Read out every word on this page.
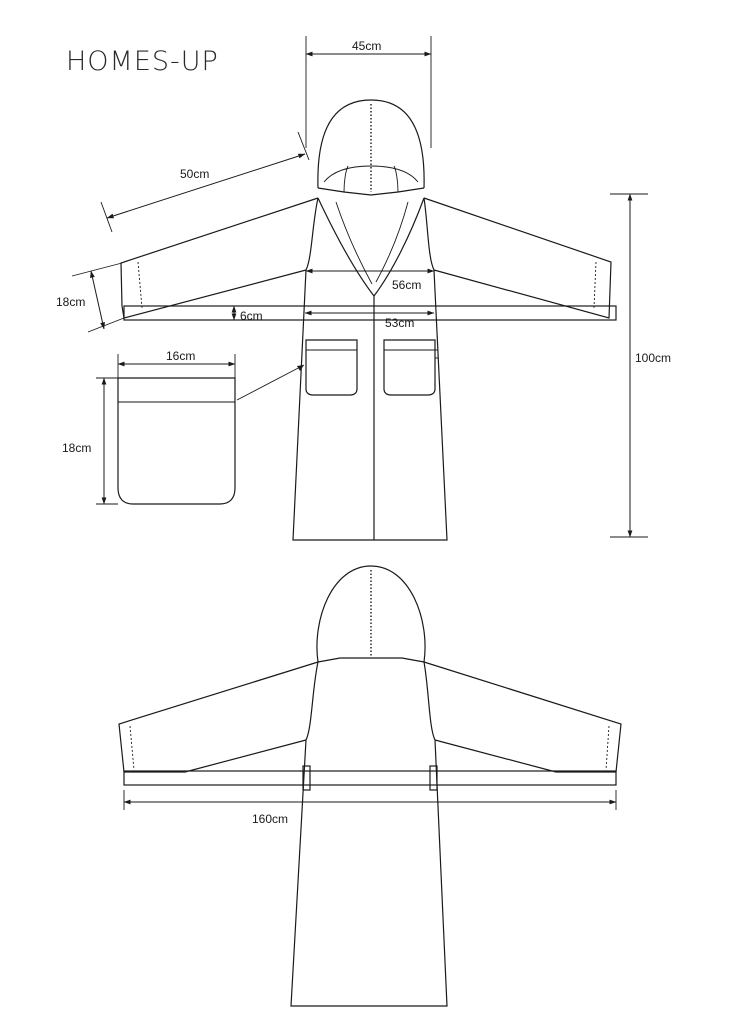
HOMES-UP	45cm
50cm
18cm
56cm
6cm	53cm
16cm
18cm
100cm
160cm
